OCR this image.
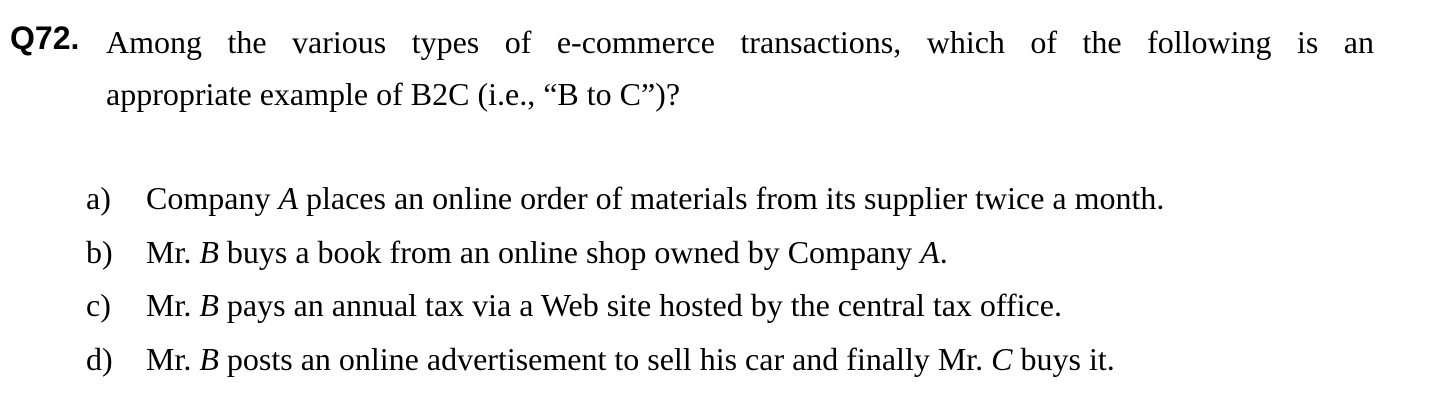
Q72. Among the various types of e-commerce transactions, which of the following is an
appropriate example of B2C (i.e., “B to C”)?
a) Company A places an online order of materials from its supplier twice a month.
b) Mr. B buys a book from an online shop owned by Company A.
c) Mr. B pays an annual tax via a Web site hosted by the central tax office.
d) Mr. B posts an online advertisement to sell his car and finally Mr. C buys it.
